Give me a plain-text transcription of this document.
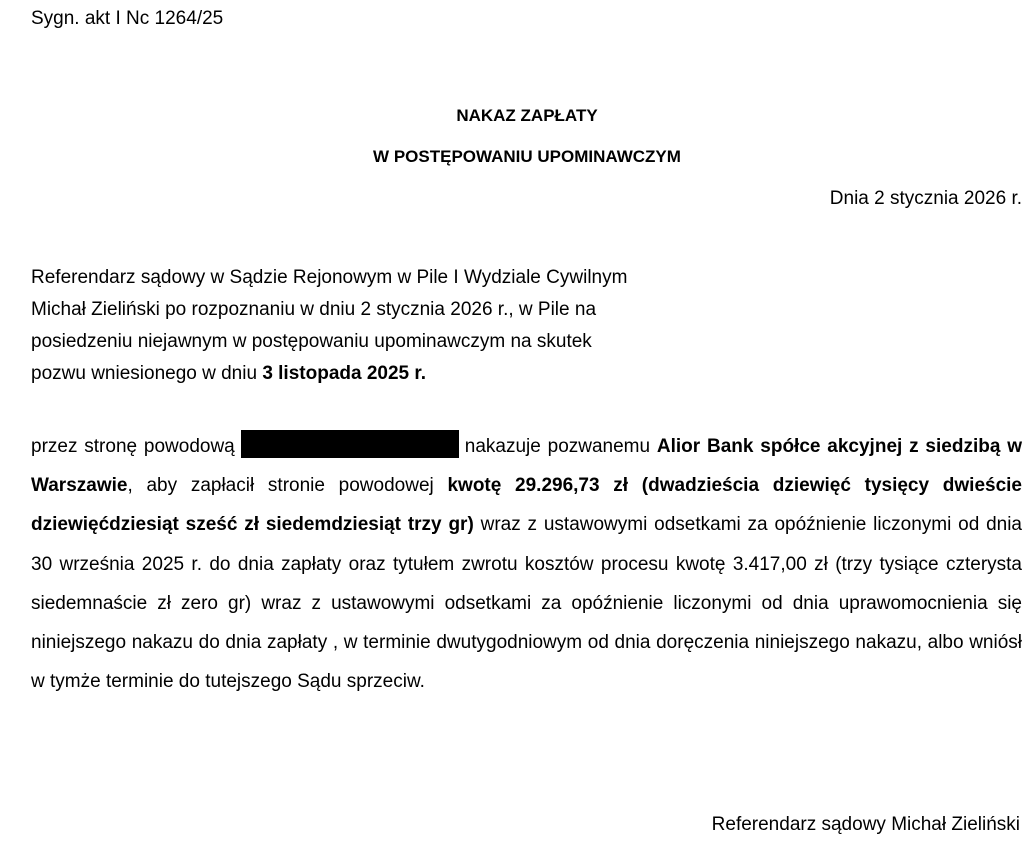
Sygn. akt I Nc 1264/25
NAKAZ ZAPŁATY
W POSTĘPOWANIU UPOMINAWCZYM
Dnia 2 stycznia 2026 r.
Referendarz sądowy w Sądzie Rejonowym w Pile I Wydziale Cywilnym
Michał Zieliński po rozpoznaniu w dniu 2 stycznia 2026 r., w Pile na
posiedzeniu niejawnym w postępowaniu upominawczym na skutek
pozwu wniesionego w dniu 3 listopada 2025 r.
przez stronę powodową	nakazuje pozwanemu Alior Bank spółce akcyjnej z siedzibą w Warszawie, aby zapłacił stronie powodowej kwotę 29.296,73 zł (dwadzieścia dziewięć tysięcy dwieście dziewięćdziesiąt sześć zł siedemdziesiąt trzy gr) wraz z ustawowymi odsetkami za opóźnienie liczonymi od dnia 30 września 2025 r. do dnia zapłaty oraz tytułem zwrotu kosztów procesu kwotę 3.417,00 zł (trzy tysiące czterysta siedemnaście zł zero gr) wraz z ustawowymi odsetkami za opóźnienie liczonymi od dnia uprawomocnienia się niniejszego nakazu do dnia zapłaty , w terminie dwutygodniowym od dnia doręczenia niniejszego nakazu, albo wniósł w tymże terminie do tutejszego Sądu sprzeciw.
Referendarz sądowy Michał Zieliński
